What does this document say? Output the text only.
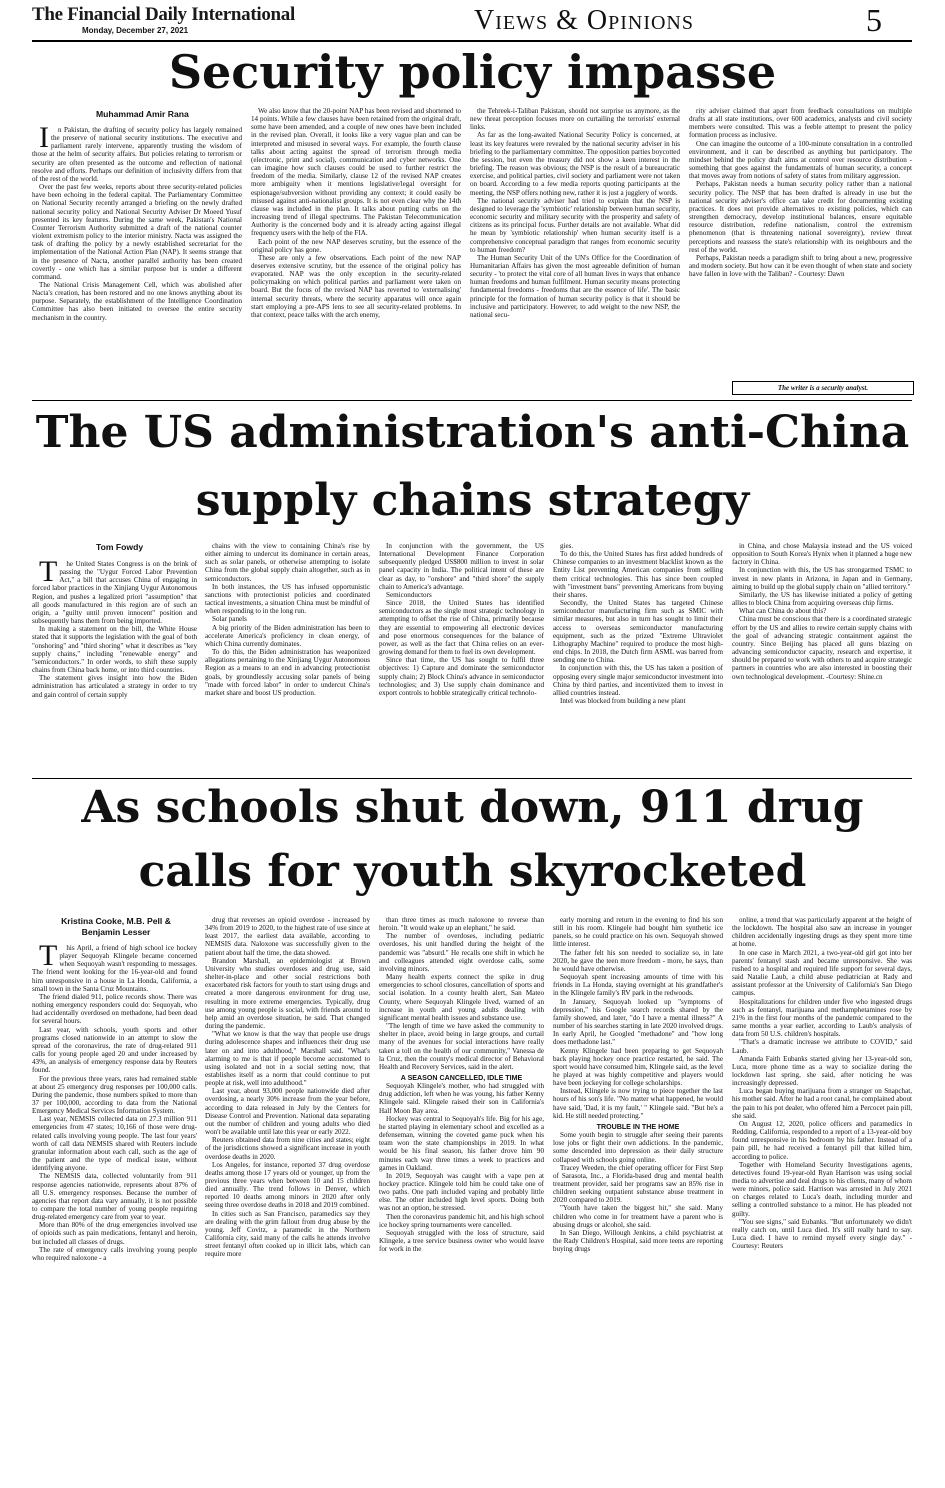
The Financial Daily International
Monday, December 27, 2021	Views & Opinions	5
Security policy impasse
Muhammad Amir Rana

In Pakistan, the drafting of security policy has largely remained the preserve of national security institutions. The executive and parliament rarely intervene, apparently trusting the wisdom of those at the helm of security affairs. But policies relating to terrorism or security are often presented as the outcome and reflection of national resolve and efforts. Perhaps our definition of inclusivity differs from that of the rest of the world.

Over the past few weeks, reports about three security-related policies have been echoing in the federal capital. The Parliamentary Committee on National Security recently arranged a briefing on the newly drafted national security policy and National Security Adviser Dr Moeed Yusuf presented its key features. During the same week, Pakistan's National Counter Terrorism Authority submitted a draft of the national counter violent extremism policy to the interior ministry. Nacta was assigned the task of drafting the policy by a newly established secretariat for the implementation of the National Action Plan (NAP). It seems strange that in the presence of Nacta, another parallel authority has been created covertly - one which has a similar purpose but is under a different command.

The National Crisis Management Cell, which was abolished after Nacta's creation, has been restored and no one knows anything about its purpose. Separately, the establishment of the Intelligence Coordination Committee has also been initiated to oversee the entire security mechanism in the country.

We also know that the 20-point NAP has been revised and shortened to 14 points. While a few clauses have been retained from the original draft, some have been amended, and a couple of new ones have been included in the revised plan. Overall, it looks like a very vague plan and can be interpreted and misused in several ways. For example, the fourth clause talks about acting against the spread of terrorism through media (electronic, print and social), communication and cyber networks. One can imagine how such clauses could be used to further restrict the freedom of the media. Similarly, clause 12 of the revised NAP creates more ambiguity when it mentions legislative/legal oversight for espionage/subversion without providing any context; it could easily be misused against anti-nationalist groups. It is not even clear why the 14th clause was included in the plan. It talks about putting curbs on the increasing trend of illegal spectrums. The Pakistan Telecommunication Authority is the concerned body and it is already acting against illegal frequency users with the help of the FIA.

Each point of the new NAP deserves scrutiny, but the essence of the original policy has gone.

These are only a few observations. Each point of the new NAP deserves extensive scrutiny, but the essence of the original policy has evaporated. NAP was the only exception in the security-related policymaking on which political parties and parliament were taken on board. But the focus of the revised NAP has reverted to 'externalising' internal security threats, where the security apparatus will once again start employing a pre-APS lens to see all security-related problems. In that context, peace talks with the arch enemy,

the Tehreek-i-Taliban Pakistan, should not surprise us anymore, as the new threat perception focuses more on curtailing the terrorists' external links.

As far as the long-awaited National Security Policy is concerned, at least its key features were revealed by the national security adviser in his briefing to the parliamentary committee. The opposition parties boycotted the session, but even the treasury did not show a keen interest in the briefing. The reason was obvious; the NSP is the result of a bureaucratic exercise, and political parties, civil society and parliament were not taken on board. According to a few media reports quoting participants at the meeting, the NSP offers nothing new, rather it is just a jugglery of words.

The national security adviser had tried to explain that the NSP is designed to leverage the 'symbiotic' relationship between human security, economic security and military security with the prosperity and safety of citizens as its principal focus. Further details are not available. What did he mean by 'symbiotic relationship' when human security itself is a comprehensive conceptual paradigm that ranges from economic security to human freedom?

The Human Security Unit of the UN's Office for the Coordination of Humanitarian Affairs has given the most agreeable definition of human security - 'to protect the vital core of all human lives in ways that enhance human freedoms and human fulfilment. Human security means protecting fundamental freedoms - freedoms that are the essence of life'. The basic principle for the formation of human security policy is that it should be inclusive and participatory. However, to add weight to the new NSP, the national secu-

rity adviser claimed that apart from feedback consultations on multiple drafts at all state institutions, over 600 academics, analysts and civil society members were consulted. This was a feeble attempt to present the policy formation process as inclusive.

One can imagine the outcome of a 100-minute consultation in a controlled environment, and it can be described as anything but participatory. The mindset behind the policy draft aims at control over resource distribution - something that goes against the fundamentals of human security, a concept that moves away from notions of safety of states from military aggression.

Perhaps, Pakistan needs a human security policy rather than a national security policy. The NSP that has been drafted is already in use but the national security adviser's office can take credit for documenting existing practices. It does not provide alternatives to existing policies, which can strengthen democracy, develop institutional balances, ensure equitable resource distribution, redefine nationalism, control the extremism phenomenon (that is threatening national sovereignty), review threat perceptions and reassess the state's relationship with its neighbours and the rest of the world.

Perhaps, Pakistan needs a paradigm shift to bring about a new, progressive and modern society. But how can it be even thought of when state and society have fallen in love with the Taliban? - Courtesy: Dawn

The writer is a security analyst.
The US administration's anti-China
supply chains strategy
Tom Fowdy

The United States Congress is on the brink of passing the "Uygur Forced Labor Prevention Act," a bill that accuses China of engaging in forced labor practices in the Xinjiang Uygur Autonomous Region, and pushes a legalized priori "assumption" that all goods manufactured in this region are of such an origin, a "guilty until proven innocent" position and subsequently bans them from being imported.

In making a statement on the bill, the White House stated that it supports the legislation with the goal of both "onshoring" and "third shoring" what it describes as "key supply chains," including "renewable energy" and "semiconductors." In order words, to shift these supply chains from China back home, or into third countries.

The statement gives insight into how the Biden administration has articulated a strategy in order to try and gain control of certain supply

chains with the view to containing China's rise by either aiming to undercut its dominance in certain areas, such as solar panels, or otherwise attempting to isolate China from the global supply chain altogether, such as in semiconductors.

In both instances, the US has infused opportunistic sanctions with protectionist policies and coordinated tactical investments, a situation China must be mindful of when responding to in the long run.

Solar panels

A big priority of the Biden administration has been to accelerate America's proficiency in clean energy, of which China currently dominates.

To do this, the Biden administration has weaponized allegations pertaining to the Xinjiang Uygur Autonomous Region as a means to an end in advancing protectionist goals, by groundlessly accusing solar panels of being "made with forced labor" in order to undercut China's market share and boost US production.

In conjunction with the government, the US International Development Finance Corporation subsequently pledged US$800 million to invest in solar panel capacity in India. The political intent of these are clear as day, to "onshore" and "third shore" the supply chain to America's advantage.

Semiconductors

Since 2018, the United States has identified semiconductors as the single most strategic technology in attempting to offset the rise of China, primarily because they are essential to empowering all electronic devices and pose enormous consequences for the balance of power, as well as the fact that China relies on an ever-growing demand for them to fuel its own development.

Since that time, the US has sought to fulfil three objectives: 1) Capture and dominate the semiconductor supply chain; 2) Block China's advance in semiconductor technologies; and 3) Use supply chain dominance and export controls to hobble strategically critical technolo-

gies.

To do this, the United States has first added hundreds of Chinese companies to an investment blacklist known as the Entity List preventing American companies from selling them critical technologies. This has since been coupled with "investment bans" preventing Americans from buying their shares.

Secondly, the United States has targeted Chinese semiconductor manufacturing firm such as SMIC with similar measures, but also in turn has sought to limit their access to overseas semiconductor manufacturing equipment, such as the prized "Extreme Ultraviolet Lithography Machine" required to produce the most high-end chips. In 2018, the Dutch firm ASML was barred from sending one to China.

In conjunction with this, the US has taken a position of opposing every single major semiconductor investment into China by third parties, and incentivized them to invest in allied countries instead.

Intel was blocked from building a new plant

in China, and chose Malaysia instead and the US voiced opposition to South Korea's Hynix when it planned a huge new factory in China.

In conjunction with this, the US has strongarmed TSMC to invest in new plants in Arizona, in Japan and in Germany, aiming to build up the global supply chain on "allied territory."

Similarly, the US has likewise initiated a policy of getting allies to block China from acquiring overseas chip firms.

What can China do about this?

China must be conscious that there is a coordinated strategic effort by the US and allies to rewire certain supply chains with the goal of advancing strategic containment against the country. Since Beijing has placed all guns blazing on advancing semiconductor capacity, research and expertise, it should be prepared to work with others to and acquire strategic partners in countries who are also interested in boosting their own technological development. -Courtesy: Shine.cn

As schools shut down, 911 drug
calls for youth skyrocketed
Kristina Cooke, M.B. Pell &
Benjamin Lesser

This April, a friend of high school ice hockey player Sequoyah Klingele became concerned when Sequoyah wasn't responding to messages. The friend went looking for the 16-year-old and found him unresponsive in a house in La Honda, California, a small town in the Santa Cruz Mountains.

The friend dialed 911, police records show. There was nothing emergency responders could do: Sequoyah, who had accidentally overdosed on methadone, had been dead for several hours.

Last year, with schools, youth sports and other programs closed nationwide in an attempt to slow the spread of the coronavirus, the rate of drug-related 911 calls for young people aged 20 and under increased by 43%, an analysis of emergency response data by Reuters found.

For the previous three years, rates had remained stable at about 25 emergency drug responses per 100,000 calls. During the pandemic, those numbers spiked to more than 37 per 100,000, according to data from the National Emergency Medical Services Information System.

Last year, NEMSIS collected data on 27.3 million 911 emergencies from 47 states; 10,166 of those were drug-related calls involving young people. The last four years' worth of call data NEMSIS shared with Reuters include granular information about each call, such as the age of the patient and the type of medical issue, without identifying anyone.

The NEMSIS data, collected voluntarily from 911 response agencies nationwide, represents about 87% of all U.S. emergency responses. Because the number of agencies that report data vary annually, it is not possible to compare the total number of young people requiring drug-related emergency care from year to year.

More than 80% of the drug emergencies involved use of opioids such as pain medications, fentanyl and heroin, but included all classes of drugs.

The rate of emergency calls involving young people who required naloxone - a

drug that reverses an opioid overdose - increased by 34% from 2019 to 2020, to the highest rate of use since at least 2017, the earliest data available, according to NEMSIS data. Naloxone was successfully given to the patient about half the time, the data showed.

Brandon Marshall, an epidemiologist at Brown University who studies overdoses and drug use, said shelter-in-place and other social restrictions both exacerbated risk factors for youth to start using drugs and created a more dangerous environment for drug use, resulting in more extreme emergencies. Typically, drug use among young people is social, with friends around to help amid an overdose situation, he said. That changed during the pandemic.

"What we know is that the way that people use drugs during adolescence shapes and influences their drug use later on and into adulthood," Marshall said. "What's alarming to me is that if people become accustomed to using isolated and not in a social setting now, that establishes itself as a norm that could continue to put people at risk, well into adulthood."

Last year, about 93,000 people nationwide died after overdosing, a nearly 30% increase from the year before, according to data released in July by the Centers for Disease Control and Prevention. National data separating out the number of children and young adults who died won't be available until late this year or early 2022.

Reuters obtained data from nine cities and states; eight of the jurisdictions showed a significant increase in youth overdose deaths in 2020.

Los Angeles, for instance, reported 37 drug overdose deaths among those 17 years old or younger, up from the previous three years when between 10 and 15 children died annually. The trend follows in Denver, which reported 10 deaths among minors in 2020 after only seeing three overdose deaths in 2018 and 2019 combined.

In cities such as San Francisco, paramedics say they are dealing with the grim fallout from drug abuse by the young. Jeff Covitz, a paramedic in the Northern California city, said many of the calls he attends involve street fentanyl often cooked up in illicit labs, which can require more

than three times as much naloxone to reverse than heroin. "It would wake up an elephant," he said.

The number of overdoses, including pediatric overdoses, his unit handled during the height of the pandemic was "absurd." He recalls one shift in which he and colleagues attended eight overdose calls, some involving minors.

Many health experts connect the spike in drug emergencies to school closures, cancellation of sports and social isolation. In a county health alert, San Mateo County, where Sequoyah Klingele lived, warned of an increase in youth and young adults dealing with significant mental health issues and substance use.

"The length of time we have asked the community to shelter in place, avoid being in large groups, and curtail many of the avenues for social interactions have really taken a toll on the health of our community," Vanessa de la Cruz, then the county's medical director of Behavioral Health and Recovery Services, said in the alert.

A SEASON CANCELLED, IDLE TIME

Sequoyah Klingele's mother, who had struggled with drug addiction, left when he was young, his father Kenny Klingele said. Klingele raised their son in California's Half Moon Bay area.

Hockey was central to Sequoyah's life. Big for his age, he started playing in elementary school and excelled as a defenseman, winning the coveted game puck when his team won the state championships in 2019. In what would be his final season, his father drove him 90 minutes each way three times a week to practices and games in Oakland.

In 2019, Sequoyah was caught with a vape pen at hockey practice. Klingele told him he could take one of two paths. One path included vaping and probably little else. The other included high level sports. Doing both was not an option, he stressed.

Then the coronavirus pandemic hit, and his high school ice hockey spring tournaments were cancelled.

Sequoyah struggled with the loss of structure, said Klingele, a tree service business owner who would leave for work in the

early morning and return in the evening to find his son still in his room. Klingele had bought him synthetic ice panels, so he could practice on his own. Sequoyah showed little interest.

The father felt his son needed to socialize so, in late 2020, he gave the teen more freedom - more, he says, than he would have otherwise.

Sequoyah spent increasing amounts of time with his friends in La Honda, staying overnight at his grandfather's in the Klingele family's RV park in the redwoods.

In January, Sequoyah looked up "symptoms of depression," his Google search records shared by the family showed, and later, "do I have a mental illness?" A number of his searches starting in late 2020 involved drugs. In early April, he Googled "methadone" and "how long does methadone last."

Kenny Klingele had been preparing to get Sequoyah back playing hockey once practice restarted, he said. The sport would have consumed him, Klingele said, as the level he played at was highly competitive and players would have been jockeying for college scholarships.

Instead, Klingele is now trying to piece together the last hours of his son's life. "No matter what happened, he would have said, 'Dad, it is my fault,' " Klingele said. "But he's a kid. He still needed protecting."

TROUBLE IN THE HOME

Some youth begin to struggle after seeing their parents lose jobs or fight their own addictions. In the pandemic, some descended into depression as their daily structure collapsed with schools going online.

Tracey Weeden, the chief operating officer for First Step of Sarasota, Inc., a Florida-based drug and mental health treatment provider, said her programs saw an 85% rise in children seeking outpatient substance abuse treatment in 2020 compared to 2019.

"Youth have taken the biggest hit," she said. Many children who come in for treatment have a parent who is abusing drugs or alcohol, she said.

In San Diego, Willough Jenkins, a child psychiatrist at the Rady Children's Hospital, said more teens are reporting buying drugs

online, a trend that was particularly apparent at the height of the lockdown. The hospital also saw an increase in younger children accidentally ingesting drugs as they spent more time at home.

In one case in March 2021, a two-year-old girl got into her parents' fentanyl stash and became unresponsive. She was rushed to a hospital and required life support for several days, said Natalie Laub, a child abuse pediatrician at Rady and assistant professor at the University of California's San Diego campus.

Hospitalizations for children under five who ingested drugs such as fentanyl, marijuana and methamphetamines rose by 21% in the first four months of the pandemic compared to the same months a year earlier, according to Laub's analysis of data from 50 U.S. children's hospitals.

"That's a dramatic increase we attribute to COVID," said Laub.

Amanda Faith Eubanks started giving her 13-year-old son, Luca, more phone time as a way to socialize during the lockdown last spring, she said, after noticing he was increasingly depressed.

Luca began buying marijuana from a stranger on Snapchat, his mother said. After he had a root canal, he complained about the pain to his pot dealer, who offered him a Percocet pain pill, she said.

On August 12, 2020, police officers and paramedics in Redding, California, responded to a report of a 13-year-old boy found unresponsive in his bedroom by his father. Instead of a pain pill, he had received a fentanyl pill that killed him, according to police.

Together with Homeland Security Investigations agents, detectives found 19-year-old Ryan Harrison was using social media to advertise and deal drugs to his clients, many of whom were minors, police said. Harrison was arrested in July 2021 on charges related to Luca's death, including murder and selling a controlled substance to a minor. He has pleaded not guilty.

"You see signs," said Eubanks. "But unfortunately we didn't really catch on, until Luca died. It's still really hard to say. Luca died. I have to remind myself every single day." -Courtesy: Reuters
